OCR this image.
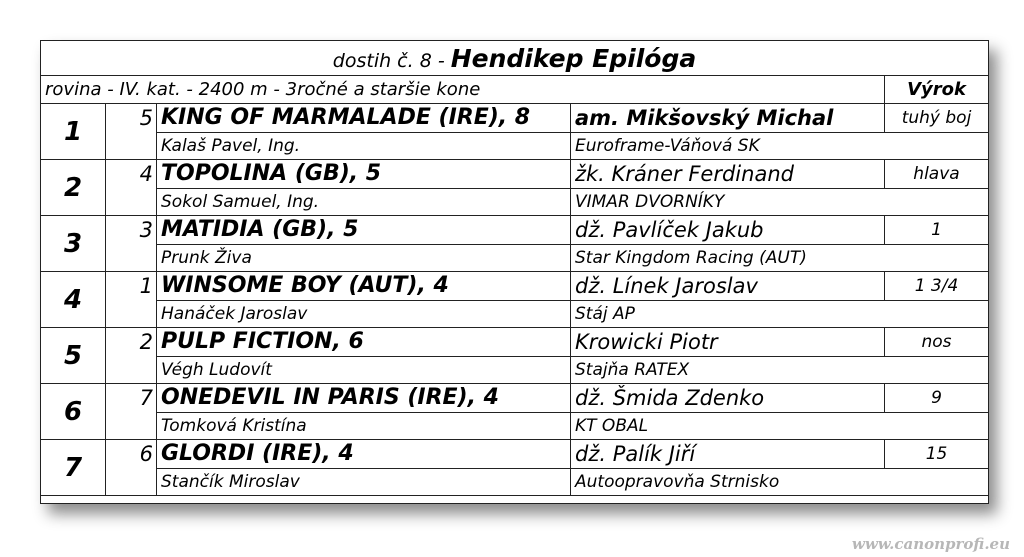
dostih č. 8 - Hendikep Epilóga				
rovina - IV. kat. - 2400 m - 3ročné a staršie kone				Výrok
1	5	KING OF MARMALADE (IRE), 8	am. Mikšovský Michal	tuhý boj
		Kalaš Pavel, Ing.	Euroframe-Váňová SK	
2	4	TOPOLINA (GB), 5	žk. Kráner Ferdinand	hlava
		Sokol Samuel, Ing.	VIMAR DVORNÍKY	
3	3	MATIDIA (GB), 5	dž. Pavlíček Jakub	1
		Prunk Živa	Star Kingdom Racing (AUT)	
4	1	WINSOME BOY (AUT), 4	dž. Línek Jaroslav	1 3/4
		Hanáček Jaroslav	Stáj AP	
5	2	PULP FICTION, 6	Krowicki Piotr	nos
		Végh Ludovít	Stajňa RATEX	
6	7	ONEDEVIL IN PARIS (IRE), 4	dž. Šmida Zdenko	9
		Tomková Kristína	KT OBAL	
7	6	GLORDI (IRE), 4	dž. Palík Jiří	15
		Stančík Miroslav	Autoopravovňa Strnisko	
www.canonprofi.eu
